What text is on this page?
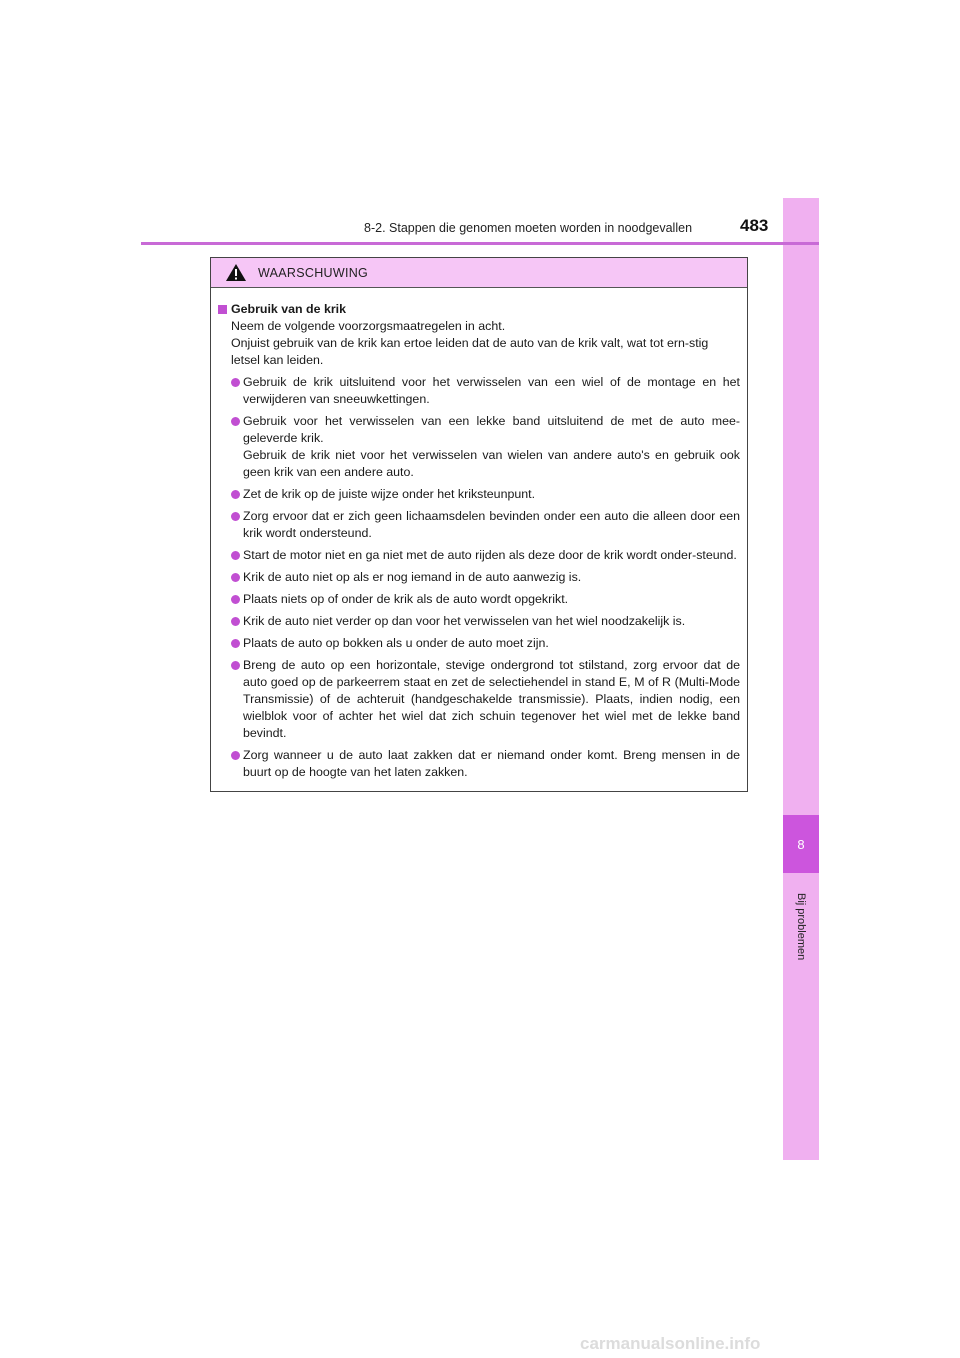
8
Bij problemen
8-2. Stappen die genomen moeten worden in noodgevallen	483
WAARSCHUWING
Gebruik van de krik
Neem de volgende voorzorgsmaatregelen in acht.
Onjuist gebruik van de krik kan ertoe leiden dat de auto van de krik valt, wat tot ern-stig letsel kan leiden.

Gebruik de krik uitsluitend voor het verwisselen van een wiel of de montage en het verwijderen van sneeuwkettingen.

Gebruik voor het verwisselen van een lekke band uitsluitend de met de auto mee-geleverde krik.

Gebruik de krik niet voor het verwisselen van wielen van andere auto's en gebruik ook geen krik van een andere auto.

Zet de krik op de juiste wijze onder het kriksteunpunt.

Zorg ervoor dat er zich geen lichaamsdelen bevinden onder een auto die alleen door een krik wordt ondersteund.

Start de motor niet en ga niet met de auto rijden als deze door de krik wordt onder-steund.

Krik de auto niet op als er nog iemand in de auto aanwezig is.

Plaats niets op of onder de krik als de auto wordt opgekrikt.

Krik de auto niet verder op dan voor het verwisselen van het wiel noodzakelijk is.

Plaats de auto op bokken als u onder de auto moet zijn.

Breng de auto op een horizontale, stevige ondergrond tot stilstand, zorg ervoor dat de auto goed op de parkeerrem staat en zet de selectiehendel in stand E, M of R (Multi-Mode Transmissie) of de achteruit (handgeschakelde transmissie). Plaats, indien nodig, een wielblok voor of achter het wiel dat zich schuin tegenover het wiel met de lekke band bevindt.

Zorg wanneer u de auto laat zakken dat er niemand onder komt. Breng mensen in de buurt op de hoogte van het laten zakken.

carmanualsonline.info
